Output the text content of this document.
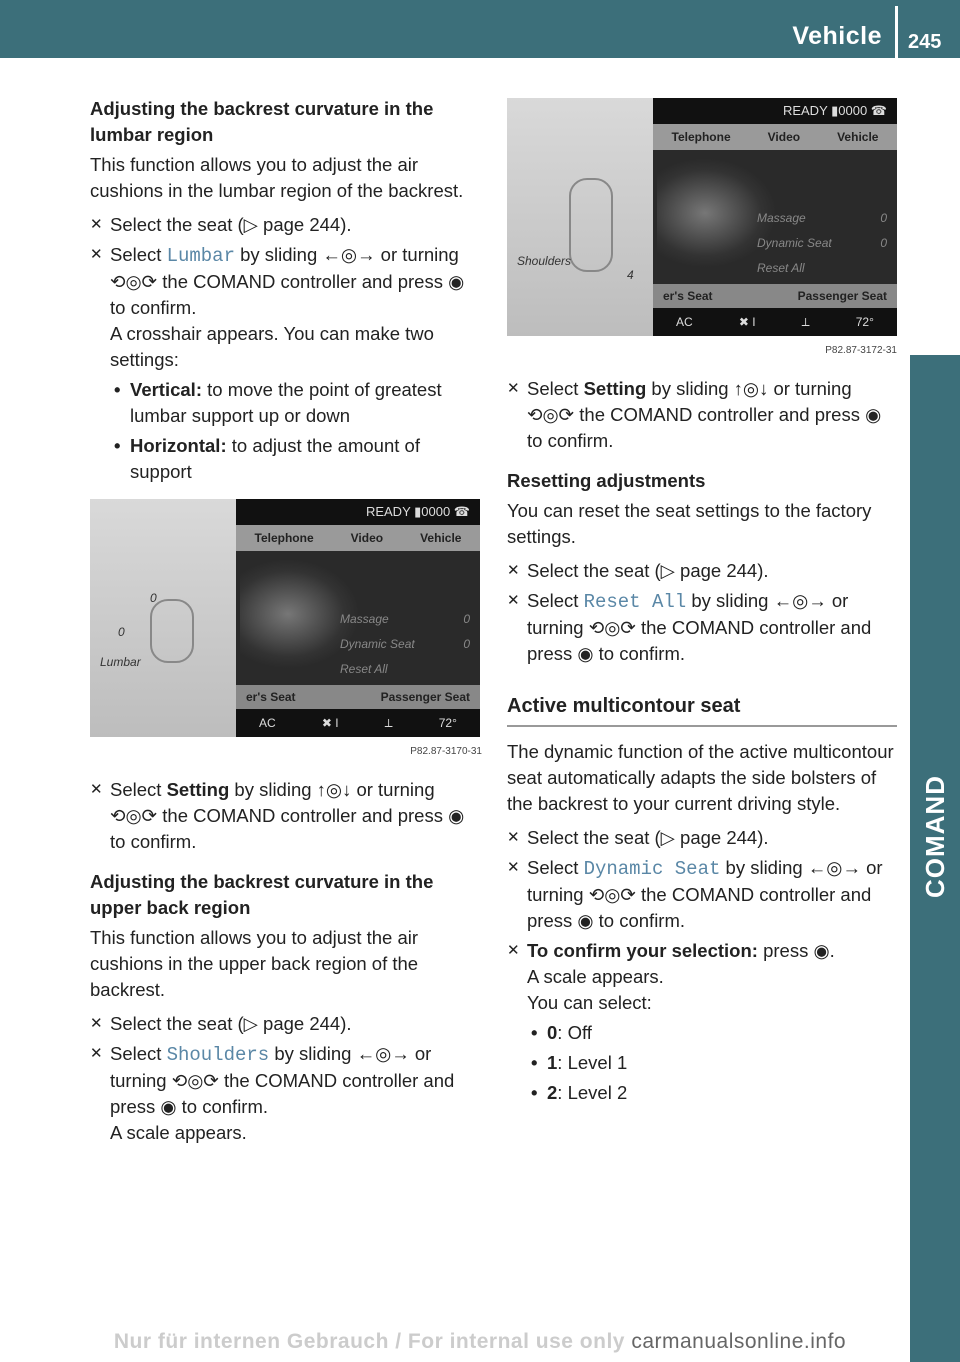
Vehicle 245
COMAND

Adjusting the backrest curvature in the lumbar region

This function allows you to adjust the air cushions in the lumbar region of the backrest.

✕ Select the seat (▷ page 244).
✕ Select Lumbar by sliding ←◎→ or turning ⟲◎⟳ the COMAND controller and press ◉ to confirm.
A crosshair appears. You can make two settings:
• Vertical: to move the point of greatest lumbar support up or down
• Horizontal: to adjust the amount of support
0
0
Lumbar
READY ▮0000 ☎
Telephone	Video	Vehicle
Massage	0
Dynamic Seat	0
Reset All
er's Seat	Passenger Seat
AC	✖ I	⟂	72°
P82.87-3170-31
✕ Select Setting by sliding ↑◎↓ or turning ⟲◎⟳ the COMAND controller and press ◉ to confirm.

Adjusting the backrest curvature in the upper back region

This function allows you to adjust the air cushions in the upper back region of the backrest.

✕ Select the seat (▷ page 244).
✕ Select Shoulders by sliding ←◎→ or turning ⟲◎⟳ the COMAND controller and press ◉ to confirm.
A scale appears.
Shoulders
4
READY ▮0000 ☎
Telephone	Video	Vehicle
Massage	0
Dynamic Seat	0
Reset All
er's Seat	Passenger Seat
AC	✖ I	⟂	72°
P82.87-3172-31
✕ Select Setting by sliding ↑◎↓ or turning ⟲◎⟳ the COMAND controller and press ◉ to confirm.

Resetting adjustments

You can reset the seat settings to the factory settings.

✕ Select the seat (▷ page 244).
✕ Select Reset All by sliding ←◎→ or turning ⟲◎⟳ the COMAND controller and press ◉ to confirm.
Active multicontour seat

The dynamic function of the active multicontour seat automatically adapts the side bolsters of the backrest to your current driving style.

✕ Select the seat (▷ page 244).
✕ Select Dynamic Seat by sliding ←◎→ or turning ⟲◎⟳ the COMAND controller and press ◉ to confirm.
✕ To confirm your selection: press ◉.
A scale appears.
You can select:
• 0: Off
• 1: Level 1
• 2: Level 2
Nur für internen Gebrauch / For internal use only carmanualsonline.info
